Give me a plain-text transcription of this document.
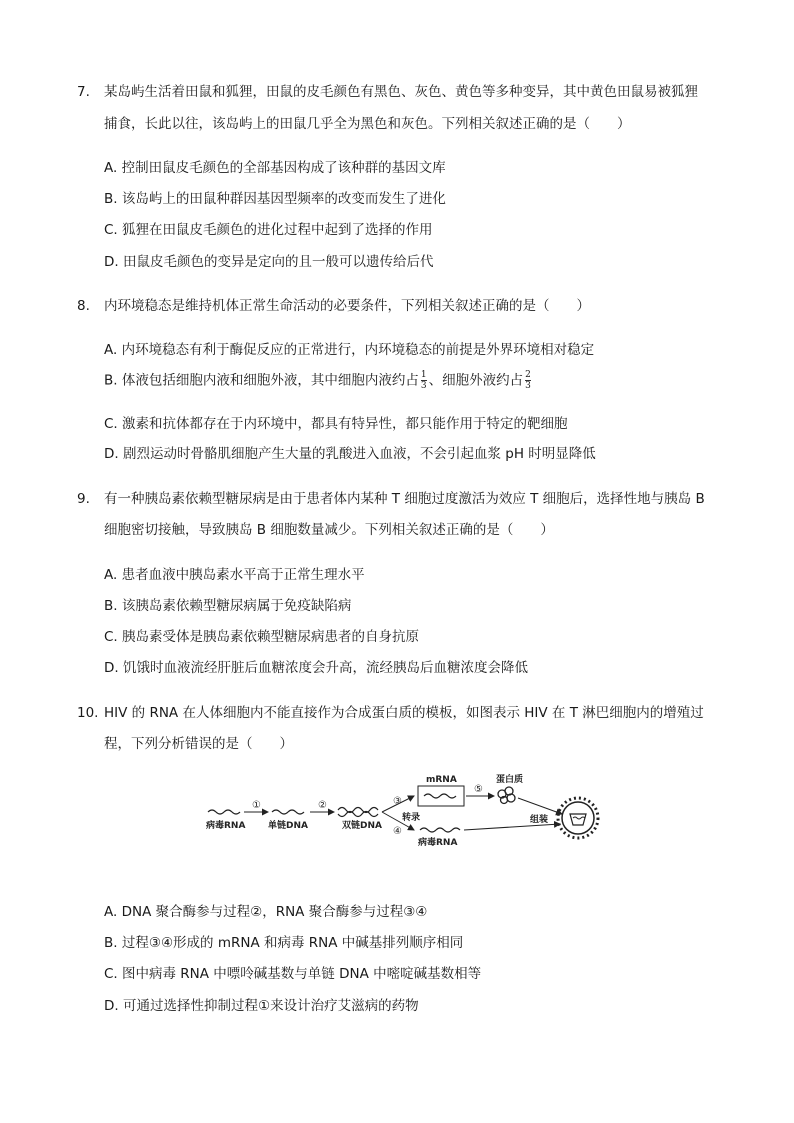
7. 某岛屿生活着田鼠和狐狸，田鼠的皮毛颜色有黑色、灰色、黄色等多种变异，其中黄色田鼠易被狐狸
捕食，长此以往，该岛屿上的田鼠几乎全为黑色和灰色。下列相关叙述正确的是（　　）
A. 控制田鼠皮毛颜色的全部基因构成了该种群的基因文库
B. 该岛屿上的田鼠种群因基因型频率的改变而发生了进化
C. 狐狸在田鼠皮毛颜色的进化过程中起到了选择的作用
D. 田鼠皮毛颜色的变异是定向的且一般可以遗传给后代
8. 内环境稳态是维持机体正常生命活动的必要条件，下列相关叙述正确的是（　　）
A. 内环境稳态有利于酶促反应的正常进行，内环境稳态的前提是外界环境相对稳定
B. 体液包括细胞内液和细胞外液，其中细胞内液约占 $\frac{1}{3}$ 、细胞外液约占 $\frac{2}{3}$
C. 激素和抗体都存在于内环境中，都具有特异性，都只能作用于特定的靶细胞
D. 剧烈运动时骨骼肌细胞产生大量的乳酸进入血液，不会引起血浆 pH 时明显降低
9. 有一种胰岛素依赖型糖尿病是由于患者体内某种 T 细胞过度激活为效应 T 细胞后，选择性地与胰岛 B
细胞密切接触，导致胰岛 B 细胞数量减少。下列相关叙述正确的是（　　）
A. 患者血液中胰岛素水平高于正常生理水平
B. 该胰岛素依赖型糖尿病属于免疫缺陷病
C. 胰岛素受体是胰岛素依赖型糖尿病患者的自身抗原
D. 饥饿时血液流经肝脏后血糖浓度会升高，流经胰岛后血糖浓度会降低
10. HIV 的 RNA 在人体细胞内不能直接作为合成蛋白质的模板，如图表示 HIV 在 T 淋巴细胞内的增殖过
程，下列分析错误的是（　　）
病毒RNA
①
单链DNA
②
双链DNA
③
④
转录
mRNA
⑤
蛋白质
病毒RNA
组装
A. DNA 聚合酶参与过程②，RNA 聚合酶参与过程③④
B. 过程③④形成的 mRNA 和病毒 RNA 中碱基排列顺序相同
C. 图中病毒 RNA 中嘌呤碱基数与单链 DNA 中嘧啶碱基数相等
D. 可通过选择性抑制过程①来设计治疗艾滋病的药物
